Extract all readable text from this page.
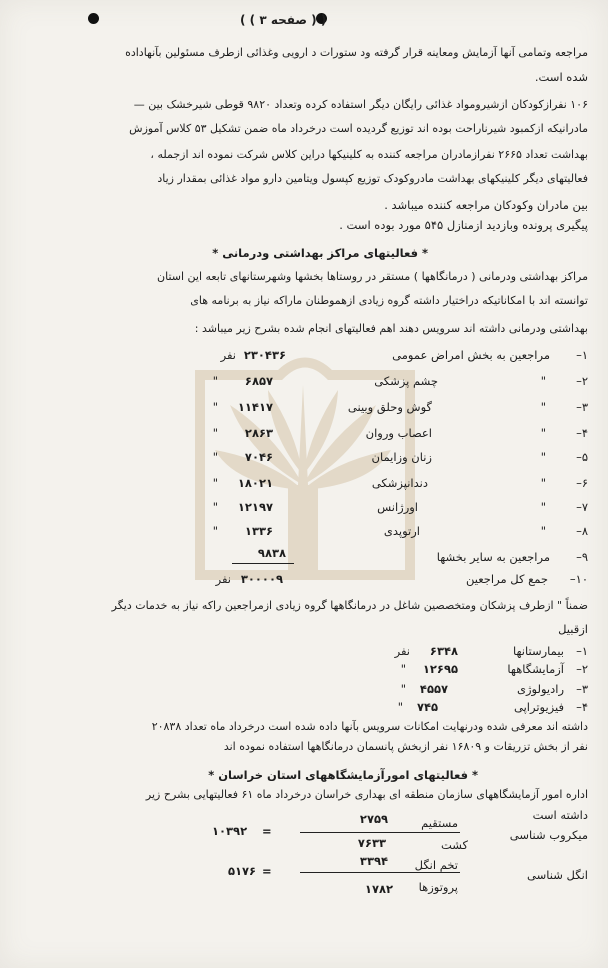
( ( صفحه ۳ ) )
مراجعه وتمامی آنها آزمایش ومعاینه قرار گرفته ود ستورات د ارویی وغذائی ازطرف مسئولین بآنهاداده
شده است.
۱۰۶ نفرازکودکان ازشیرومواد غذائی رایگان دیگر استفاده کرده وتعداد ۹۸۲۰ قوطی شیرخشک بین —
مادرانیکه ازکمبود شیرناراحت بوده اند توزیع گردیده است درخرداد ماه ضمن تشکیل ۵۳ کلاس آموزش
بهداشت تعداد ۲۶۶۵ نفرازمادران مراجعه کننده به کلینیکها دراین کلاس شرکت نموده اند ازجمله ،
فعالیتهای دیگر کلینیکهای بهداشت مادروکودک توزیع کپسول ویتامین دارو مواد غذائی بمقدار زیاد
بین مادران وکودکان مراجعه کننده میباشد .
پیگیری پرونده وبازدید ازمنازل ۵۴۵ مورد بوده است .
* فعالیتهای مراکز بهداشتی ودرمانی *
مراکز بهداشتی ودرمانی ( درمانگاهها ) مستقر در روستاها بخشها وشهرستانهای تابعه این استان
توانسته اند با امکاناتیکه دراختیار داشته گروه زیادی ازهموطنان ماراکه نیاز به برنامه های
بهداشتی ودرمانی داشته اند سرویس دهند اهم فعالیتهای انجام شده بشرح زیر میباشد :
۱–
مراجعین به بخش امراض عمومی
۲۳۰۴۳۶
نفر
۲–
"
چشم پزشکی
۶۸۵۷
"
۳–
"
گوش وحلق وبینی
۱۱۴۱۷
"
۴–
"
اعصاب وروان
۲۸۶۳
"
۵–
"
زنان وزایمان
۷۰۴۶
"
۶–
"
دندانپزشکی
۱۸۰۲۱
"
۷–
"
اورژانس
۱۲۱۹۷
"
۸–
"
ارتوپدی
۱۳۳۶
"
۹–
مراجعین به سایر بخشها
۹۸۳۸
۱۰–
جمع کل مراجعین
۳۰۰۰۰۹
نفر
ضمناً " ازطرف پزشکان ومتخصصین شاغل در درمانگاهها گروه زیادی ازمراجعین راکه نیاز به خدمات دیگر
ازقبیل
۱–
بیمارستانها
۶۳۴۸
نفر
۲–
آزمایشگاهها
۱۲۶۹۵
"
۳–
رادیولوژی
۴۵۵۷
"
۴–
فیزیوتراپی
۷۴۵
"
داشته اند معرفی شده ودرنهایت امکانات سرویس بآنها داده شده است درخرداد ماه تعداد ۲۰۸۳۸
نفر از بخش تزریقات و ۱۶۸۰۹ نفر ازبخش پانسمان درمانگاهها استفاده نموده اند
* فعالیتهای امورآزمایشگاههای استان خراسان *
اداره امور آزمایشگاههای سازمان منطقه ای بهداری خراسان درخرداد ماه ۶۱ فعالیتهایی بشرح زیر
داشته است
میکروب شناسی
مستقیم
۲۷۵۹
کشت
۷۶۳۳
=
۱۰۳۹۲
انگل شناسی
تخم انگل
۳۳۹۴
پروتوزها
۱۷۸۲
=
۵۱۷۶
